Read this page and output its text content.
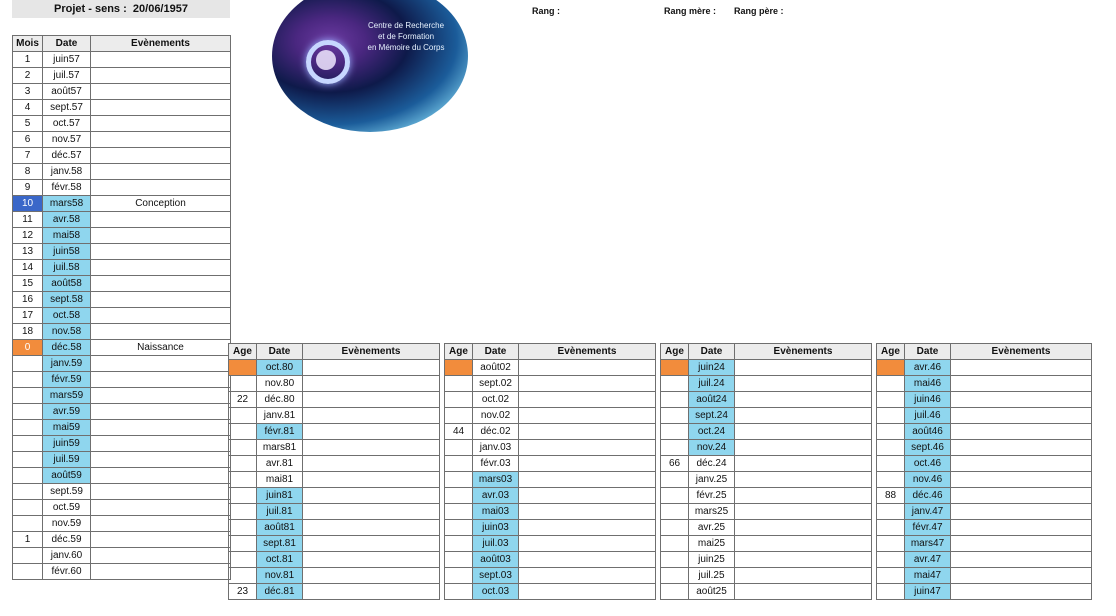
Projet - sens :
20/06/1957	Rang :	Rang mère : Rang père :
Centre de Recherche
et de Formation
en Mémoire du Corps
Mois	Date	Evènements
1	juin57	
2	juil.57	
3	août57	
4	sept.57	
5	oct.57	
6	nov.57	
7	déc.57	
8	janv.58	
9	févr.58	
10	mars58	Conception
11	avr.58	
12	mai58	
13	juin58	
14	juil.58	
15	août58	
16	sept.58	
17	oct.58	
18	nov.58	
0	déc.58	Naissance
	janv.59	
	févr.59	
	mars59	
	avr.59	
	mai59	
	juin59	
	juil.59	
	août59	
	sept.59	
	oct.59	
	nov.59	
1	déc.59	
	janv.60	
	févr.60	
Age	Date	Evènements
	oct.80	
	nov.80	
22	déc.80	
	janv.81	
	févr.81	
	mars81	
	avr.81	
	mai81	
	juin81	
	juil.81	
	août81	
	sept.81	
	oct.81	
	nov.81	
23	déc.81	
Age	Date	Evènements
	août02	
	sept.02	
	oct.02	
	nov.02	
44	déc.02	
	janv.03	
	févr.03	
	mars03	
	avr.03	
	mai03	
	juin03	
	juil.03	
	août03	
	sept.03	
	oct.03	
Age	Date	Evènements
	juin24	
	juil.24	
	août24	
	sept.24	
	oct.24	
	nov.24	
66	déc.24	
	janv.25	
	févr.25	
	mars25	
	avr.25	
	mai25	
	juin25	
	juil.25	
	août25	
Age	Date	Evènements
	avr.46	
	mai46	
	juin46	
	juil.46	
	août46	
	sept.46	
	oct.46	
	nov.46	
88	déc.46	
	janv.47	
	févr.47	
	mars47	
	avr.47	
	mai47	
	juin47	
